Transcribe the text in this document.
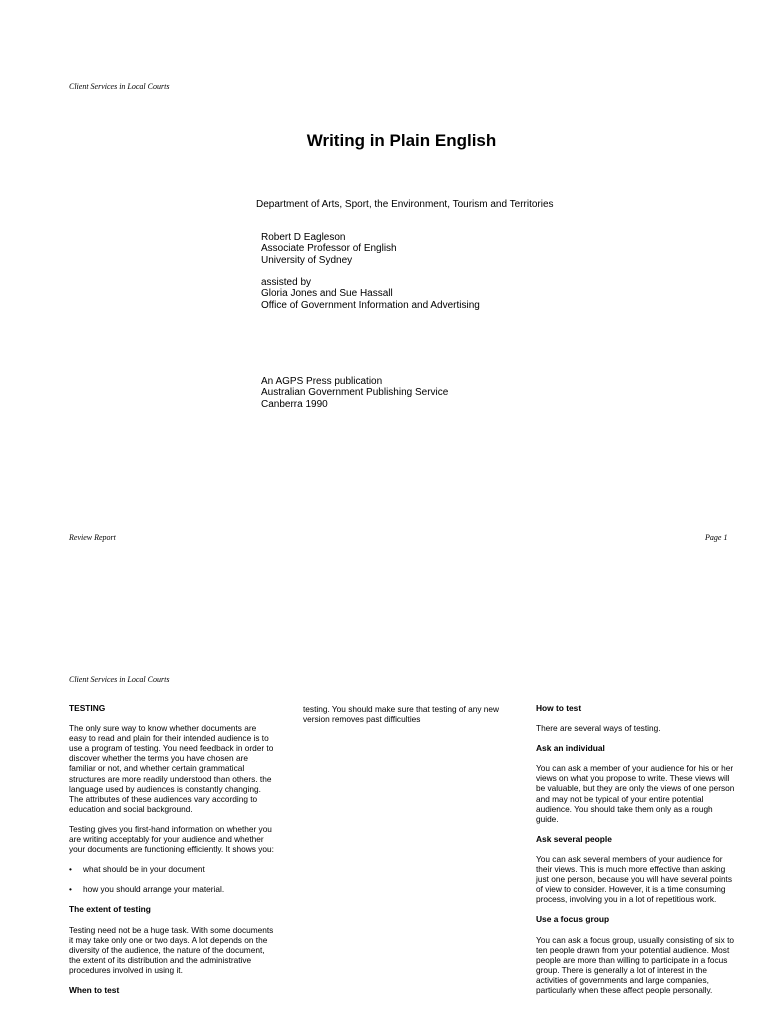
Client Services in Local Courts
Writing in Plain English
Department of Arts, Sport, the Environment, Tourism and Territories
Robert D Eagleson
Associate Professor of English
University of Sydney
assisted by
Gloria Jones and Sue Hassall
Office of Government Information and Advertising
An AGPS Press publication
Australian Government Publishing Service
Canberra 1990
Review Report	Page 1
Client Services in Local Courts
TESTING

The only sure way to know whether documents are easy to read and plain for their intended audience is to use a program of testing. You need feedback in order to discover whether the terms you have chosen are familiar or not, and whether certain grammatical structures are more readily understood than others. the language used by audiences is constantly changing. The attributes of these audiences vary according to education and social background.

Testing gives you first-hand information on whether you are writing acceptably for your audience and whether your documents are functioning efficiently. It shows you:

• what should be in your document
• how you should arrange your material.
The extent of testing

Testing need not be a huge task. With some documents it may take only one or two days. A lot depends on the diversity of the audience, the nature of the document, the extent of its distribution and the administrative procedures involved in using it.

When to test

testing. You should make sure that testing of any new version removes past difficulties

How to test

There are several ways of testing.

Ask an individual

You can ask a member of your audience for his or her views on what you propose to write. These views will be valuable, but they are only the views of one person and may not be typical of your entire potential audience. You should take them only as a rough guide.

Ask several people

You can ask several members of your audience for their views. This is much more effective than asking just one person, because you will have several points of view to consider. However, it is a time consuming process, involving you in a lot of repetitious work.

Use a focus group

You can ask a focus group, usually consisting of six to ten people drawn from your potential audience. Most people are more than willing to participate in a focus group. There is generally a lot of interest in the activities of governments and large companies, particularly when these affect people personally.
